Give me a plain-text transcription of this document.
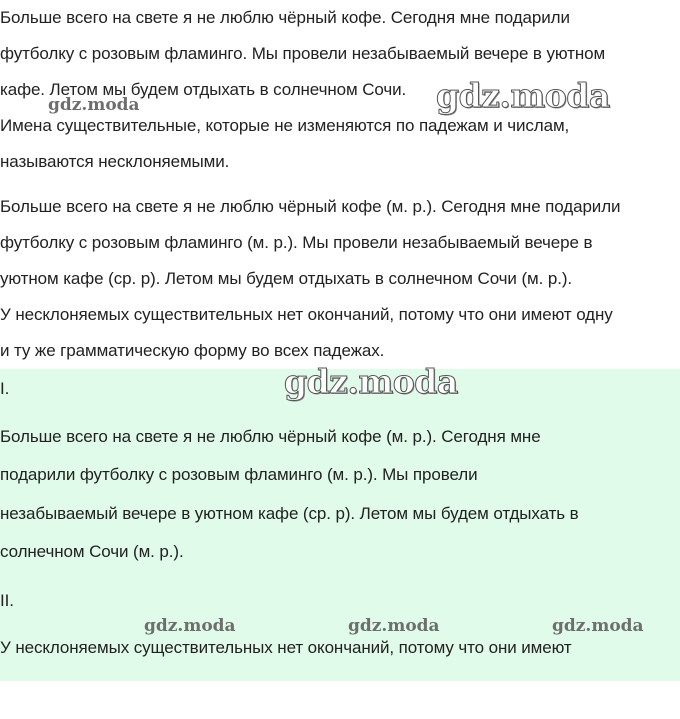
Больше всего на свете я не люблю чёрный кофе. Сегодня мне подарили
футболку с розовым фламинго. Мы провели незабываемый вечере в уютном
кафе. Летом мы будем отдыхать в солнечном Сочи.
Имена существительные, которые не изменяются по падежам и числам,
называются несклоняемыми.
Больше всего на свете я не люблю чёрный кофе (м. р.). Сегодня мне подарили
футболку с розовым фламинго (м. р.). Мы провели незабываемый вечере в
уютном кафе (ср. р). Летом мы будем отдыхать в солнечном Сочи (м. р.).
У несклоняемых существительных нет окончаний, потому что они имеют одну
и ту же грамматическую форму во всех падежах.
I.
Больше всего на свете я не люблю чёрный кофе (м. р.). Сегодня мне
подарили футболку с розовым фламинго (м. р.). Мы провели
незабываемый вечере в уютном кафе (ср. р). Летом мы будем отдыхать в
солнечном Сочи (м. р.).
II.
У несклоняемых существительных нет окончаний, потому что они имеют
gdz.moda
gdz.moda
gdz.moda
gdz.moda	gdz.moda	gdz.moda
